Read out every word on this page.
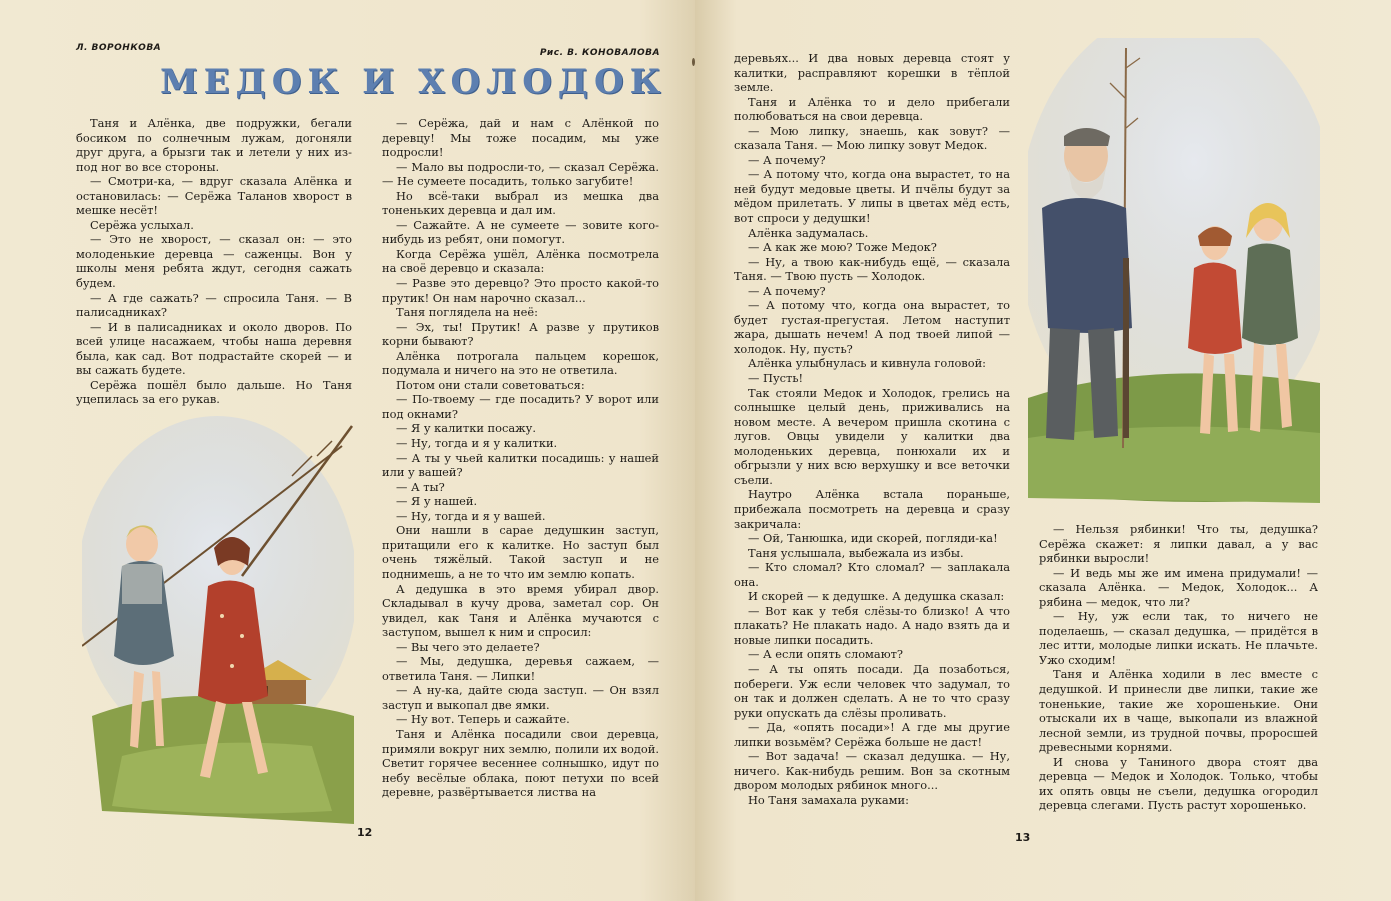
Л. ВОРОНКОВА	Рис. В. КОНОВАЛОВА
МЕДОК И ХОЛОДОК

Таня и Алёнка, две подружки, бегали босиком по солнечным лужам, догоняли друг друга, а брызги так и летели у них из-под ног во все стороны.

— Смотри-ка, — вдруг сказала Алёнка и остановилась: — Серёжа Таланов хворост в мешке несёт!

Серёжа услыхал.

— Это не хворост, — сказал он: — это молоденькие деревца — саженцы. Вон у школы меня ребята ждут, сегодня сажать будем.

— А где сажать? — спросила Таня. — В палисадниках?

— И в палисадниках и около дворов. По всей улице насажаем, чтобы наша деревня была, как сад. Вот подрастайте скорей — и вы сажать будете.

Серёжа пошёл было дальше. Но Таня уцепилась за его рукав.

— Серёжа, дай и нам с Алёнкой по деревцу! Мы тоже посадим, мы уже подросли!

— Мало вы подросли-то, — сказал Серёжа. — Не сумеете посадить, только загубите!

Но всё-таки выбрал из мешка два тоненьких деревца и дал им.

— Сажайте. А не сумеете — зовите кого-нибудь из ребят, они помогут.

Когда Серёжа ушёл, Алёнка посмотрела на своё деревцо и сказала:

— Разве это деревцо? Это просто какой-то прутик! Он нам нарочно сказал...

Таня поглядела на неё:

— Эх, ты! Прутик! А разве у прутиков корни бывают?

Алёнка потрогала пальцем корешок, подумала и ничего на это не ответила.

Потом они стали советоваться:

— По-твоему — где посадить? У ворот или под окнами?

— Я у калитки посажу.

— Ну, тогда и я у калитки.

— А ты у чьей калитки посадишь: у нашей или у вашей?

— А ты?

— Я у нашей.

— Ну, тогда и я у вашей.

Они нашли в сарае дедушкин заступ, притащили его к калитке. Но заступ был очень тяжёлый. Такой заступ и не поднимешь, а не то что им землю копать.

А дедушка в это время убирал двор. Складывал в кучу дрова, заметал сор. Он увидел, как Таня и Алёнка мучаются с заступом, вышел к ним и спросил:

— Вы чего это делаете?

— Мы, дедушка, деревья сажаем, — ответила Таня. — Липки!

— А ну-ка, дайте сюда заступ. — Он взял заступ и выкопал две ямки.

— Ну вот. Теперь и сажайте.

Таня и Алёнка посадили свои деревца, примяли вокруг них землю, полили их водой. Светит горячее весеннее солнышко, идут по небу весёлые облака, поют петухи по всей деревне, развёртывается листва на

12

деревьях... И два новых деревца стоят у калитки, расправляют корешки в тёплой земле.

Таня и Алёнка то и дело прибегали полюбоваться на свои деревца.

— Мою липку, знаешь, как зовут? — сказала Таня. — Мою липку зовут Медок.

— А почему?

— А потому что, когда она вырастет, то на ней будут медовые цветы. И пчёлы будут за мёдом прилетать. У липы в цветах мёд есть, вот спроси у дедушки!

Алёнка задумалась.

— А как же мою? Тоже Медок?

— Ну, а твою как-нибудь ещё, — сказала Таня. — Твою пусть — Холодок.

— А почему?

— А потому что, когда она вырастет, то будет густая-прегустая. Летом наступит жара, дышать нечем! А под твоей липой — холодок. Ну, пусть?

Алёнка улыбнулась и кивнула головой:

— Пусть!

Так стояли Медок и Холодок, грелись на солнышке целый день, приживались на новом месте. А вечером пришла скотина с лугов. Овцы увидели у калитки два молоденьких деревца, понюхали их и обгрызли у них всю верхушку и все веточки съели.

Наутро Алёнка встала пораньше, прибежала посмотреть на деревца и сразу закричала:

— Ой, Танюшка, иди скорей, погляди-ка!

Таня услышала, выбежала из избы.

— Кто сломал? Кто сломал? — заплакала она.

И скорей — к дедушке. А дедушка сказал:

— Вот как у тебя слёзы-то близко! А что плакать? Не плакать надо. А надо взять да и новые липки посадить.

— А если опять сломают?

— А ты опять посади. Да позаботься, побереги. Уж если человек что задумал, то он так и должен сделать. А не то что сразу руки опускать да слёзы проливать.

— Да, «опять посади»! А где мы другие липки возьмём? Серёжа больше не даст!

— Вот задача! — сказал дедушка. — Ну, ничего. Как-нибудь решим. Вон за скотным двором молодых рябинок много...

Но Таня замахала руками:

— Нельзя рябинки! Что ты, дедушка? Серёжа скажет: я липки давал, а у вас рябинки выросли!

— И ведь мы же им имена придумали! — сказала Алёнка. — Медок, Холодок... А рябина — медок, что ли?

— Ну, уж если так, то ничего не поделаешь, — сказал дедушка, — придётся в лес итти, молодые липки искать. Не плачьте. Ужо сходим!

Таня и Алёнка ходили в лес вместе с дедушкой. И принесли две липки, такие же тоненькие, такие же хорошенькие. Они отыскали их в чаще, выкопали из влажной лесной земли, из трудной почвы, проросшей древесными корнями.

И снова у Таниного двора стоят два деревца — Медок и Холодок. Только, чтобы их опять овцы не съели, дедушка огородил деревца слегами. Пусть растут хорошенько.

13
